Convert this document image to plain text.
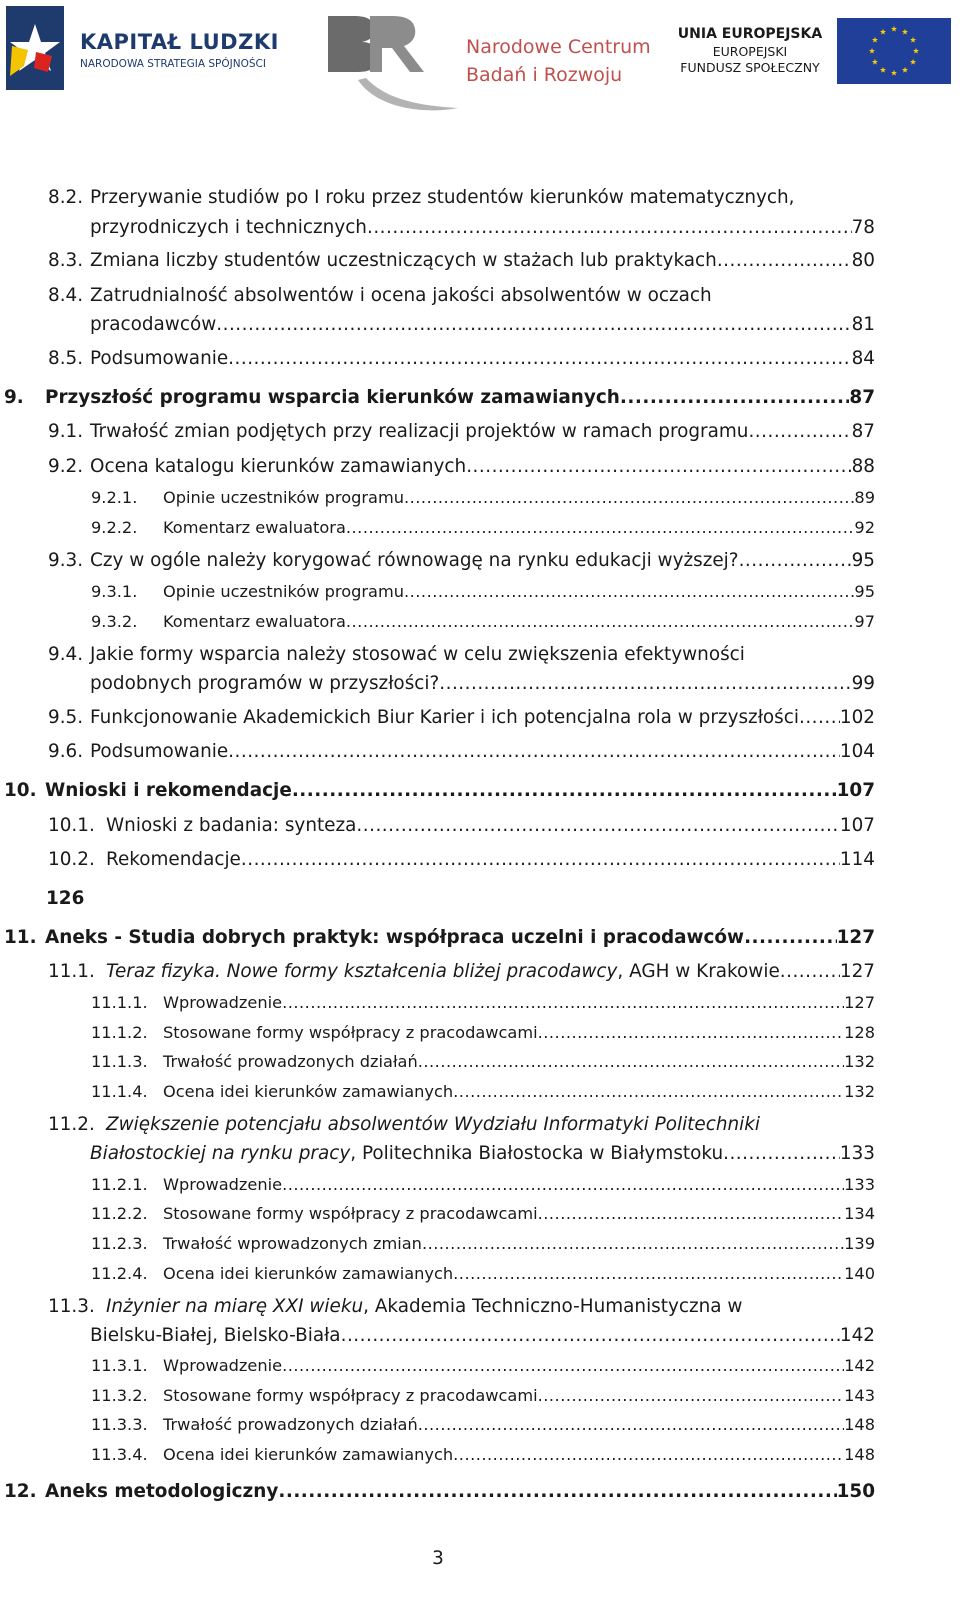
KAPITAŁ LUDZKI
NARODOWA STRATEGIA SPÓJNOŚCI
Narodowe Centrum
Badań i Rozwoju
UNIA EUROPEJSKA
EUROPEJSKI
FUNDUSZ SPOŁECZNY
8.2. Przerywanie studiów po I roku przez studentów kierunków matematycznych,
przyrodniczych i technicznych .....	78
8.3. Zmiana liczby studentów uczestniczących w stażach lub praktykach .....	80
8.4. Zatrudnialność absolwentów i ocena jakości absolwentów w oczach
pracodawców .....	81
8.5. Podsumowanie .....	84
9. Przyszłość programu wsparcia kierunków zamawianych .....	87
9.1. Trwałość zmian podjętych przy realizacji projektów w ramach programu .....	87
9.2. Ocena katalogu kierunków zamawianych .....	88
9.2.1. Opinie uczestników programu .....	89
9.2.2. Komentarz ewaluatora .....	92
9.3. Czy w ogóle należy korygować równowagę na rynku edukacji wyższej? .....	95
9.3.1. Opinie uczestników programu .....	95
9.3.2. Komentarz ewaluatora .....	97
9.4. Jakie formy wsparcia należy stosować w celu zwiększenia efektywności
podobnych programów w przyszłości? .....	99
9.5. Funkcjonowanie Akademickich Biur Karier i ich potencjalna rola w przyszłości ..... 102
9.6. Podsumowanie .....	104
10. Wnioski i rekomendacje .....	107
10.1. Wnioski z badania: synteza .....	107
10.2. Rekomendacje .....	114
126
11. Aneks - Studia dobrych praktyk: współpraca uczelni i pracodawców .....	127
11.1. Teraz fizyka. Nowe formy kształcenia bliżej pracodawcy , AGH w Krakowie .....	127
11.1.1. Wprowadzenie .....	127
11.1.2. Stosowane formy współpracy z pracodawcami .....	128
11.1.3. Trwałość prowadzonych działań .....	132
11.1.4. Ocena idei kierunków zamawianych .....	132
11.2. Zwiększenie potencjału absolwentów Wydziału Informatyki Politechniki
Białostockiej na rynku pracy , Politechnika Białostocka w Białymstoku .....	133
11.2.1. Wprowadzenie .....	133
11.2.2. Stosowane formy współpracy z pracodawcami .....	134
11.2.3. Trwałość wprowadzonych zmian .....	139
11.2.4. Ocena idei kierunków zamawianych .....	140
11.3. Inżynier na miarę XXI wieku, Akademia Techniczno-Humanistyczna w
Bielsku-Białej, Bielsko-Biała .....	142
11.3.1. Wprowadzenie .....	142
11.3.2. Stosowane formy współpracy z pracodawcami .....	143
11.3.3. Trwałość prowadzonych działań .....	148
11.3.4. Ocena idei kierunków zamawianych .....	148
12. Aneks metodologiczny .....	150
3
